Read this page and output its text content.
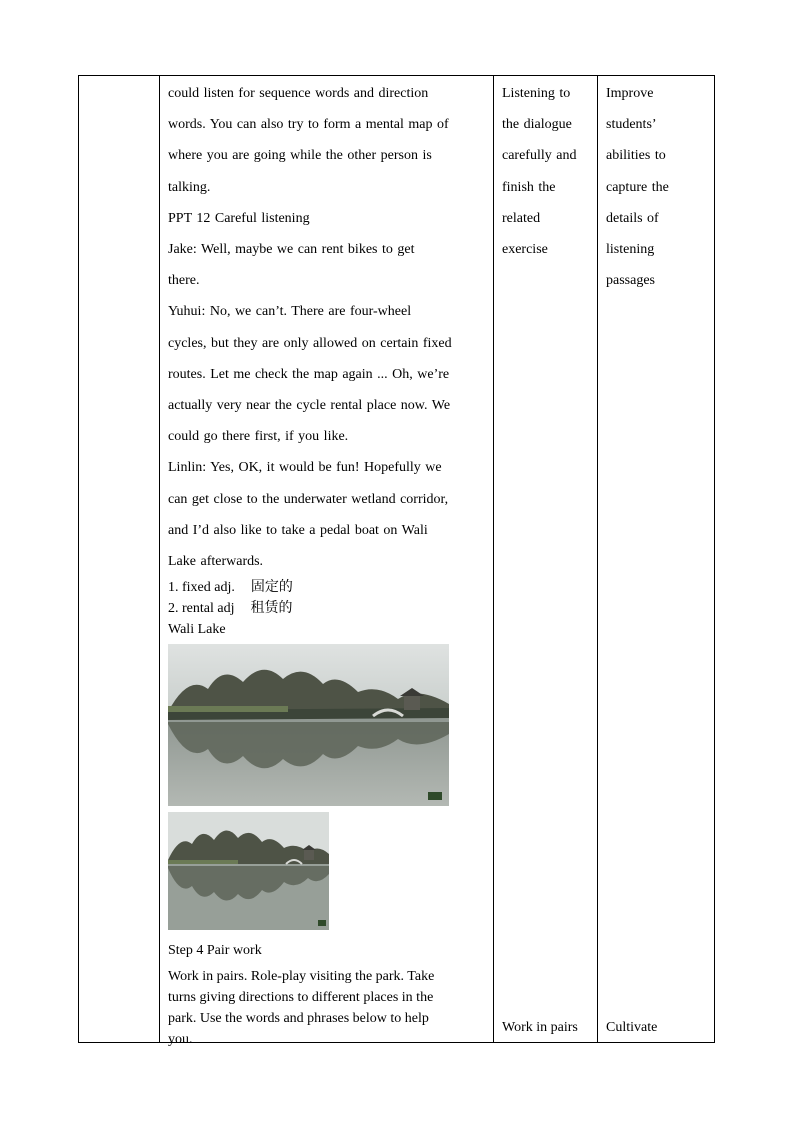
could listen for sequence words and direction

words. You can also try to form a mental map of

where you are going while the other person is

talking.

PPT 12 Careful listening

Jake: Well, maybe we can rent bikes to get

there.

Yuhui: No, we can’t. There are four-wheel

cycles, but they are only allowed on certain fixed

routes. Let me check the map again ... Oh, we’re

actually very near the cycle rental place now. We

could go there first, if you like.

Linlin: Yes, OK, it would be fun! Hopefully we

can get close to the underwater wetland corridor,

and I’d also like to take a pedal boat on Wali

Lake afterwards.

1. fixed adj. 固定的

2. rental adj 租赁的

Wali Lake

Step 4 Pair work

Work in pairs. Role-play visiting the park. Take

turns giving directions to different places in the

park. Use the words and phrases below to help

you.

Listening to

the dialogue

carefully and

finish the

related

exercise

Work in pairs

Improve

students’

abilities to

capture the

details of

listening

passages

Cultivate
